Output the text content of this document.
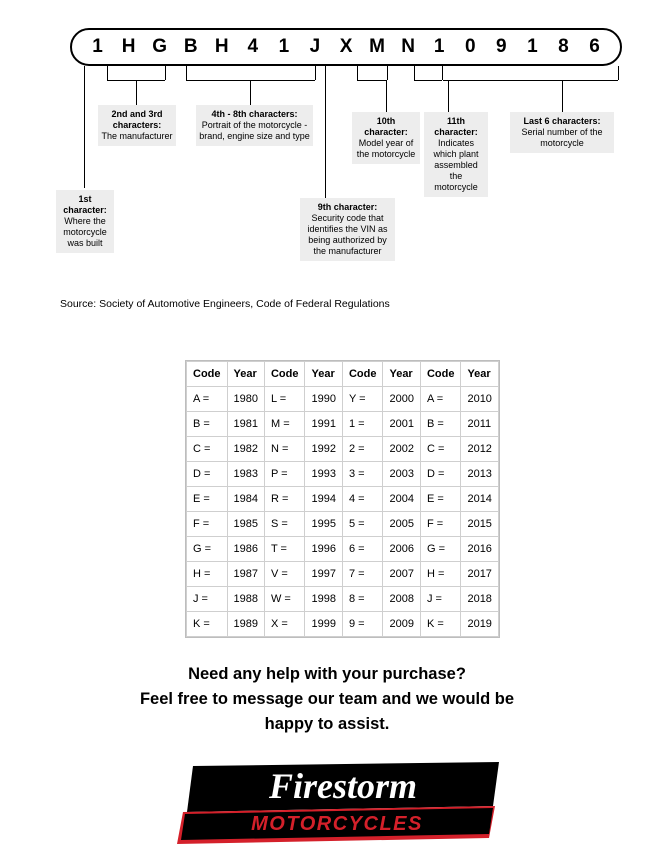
1 H G B H 4	1	J	X M N 1	0	9	1	8	6
1st character:
Where the motorcycle was built
2nd and 3rd characters:
The manufacturer
4th - 8th characters:
Portrait of the motorcycle - brand, engine size and type
9th character:
Security code that identifies the VIN as being authorized by the manufacturer
10th character:
Model year of the motorcycle
11th character:
Indicates which plant assembled the motorcycle
Last 6 characters:
Serial number of the motorcycle
Source: Society of Automotive Engineers, Code of Federal Regulations
Code	Year	Code	Year	Code	Year	Code	Year
A =	1980	L =	1990	Y =	2000	A =	2010
B =	1981	M =	1991	1 =	2001	B =	2011
C =	1982	N =	1992	2 =	2002	C =	2012
D =	1983	P =	1993	3 =	2003	D =	2013
E =	1984	R =	1994	4 =	2004	E =	2014
F =	1985	S =	1995	5 =	2005	F =	2015
G =	1986	T =	1996	6 =	2006	G =	2016
H =	1987	V =	1997	7 =	2007	H =	2017
J =	1988	W =	1998	8 =	2008	J =	2018
K =	1989	X =	1999	9 =	2009	K =	2019
Need any help with your purchase?
Feel free to message our team and we would be
happy to assist.
Firestorm
MOTORCYCLES
